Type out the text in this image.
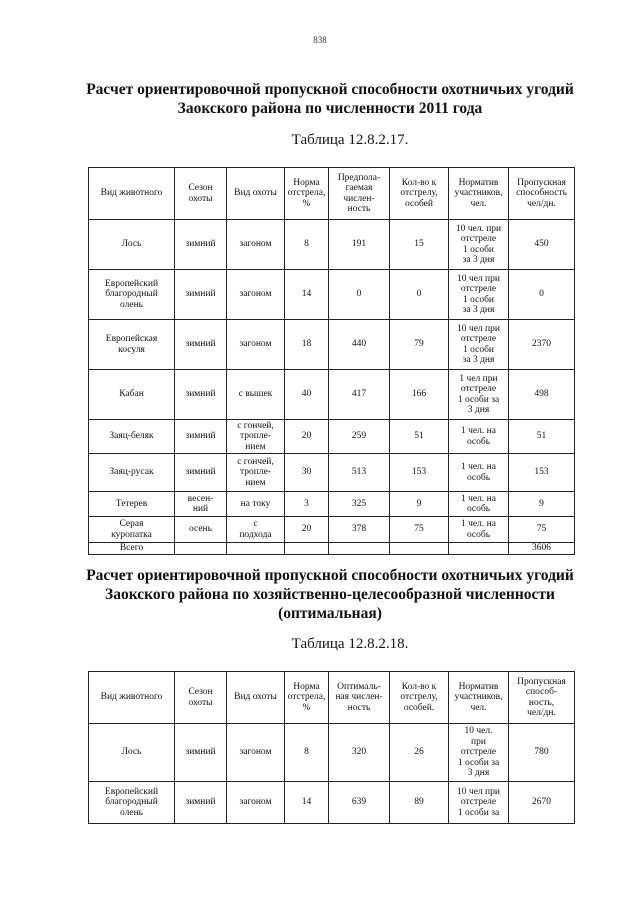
838
Расчет ориентировочной пропускной способности охотничьих угодий
Заокского района по численности 2011 года
Таблица 12.8.2.17.
Вид животного	Сезон
охоты	Вид охоты	Норма
отстрела,
%	Предпола-
гаемая
числен-
ность	Кол-во к
отстрелу,
особей	Норматив
участников,
чел.	Пропускная
способность
чел/дн.
Лось	зимний	загоном	8	191	15	10 чел. при
отстреле
1 особи
за 3 дня	450
Европейский
благородный
олень	зимний	загоном	14	0	0	10 чел при
отстреле
1 особи
за 3 дня	0
Европейская
косуля	зимний	загоном	18	440	79	10 чел при
отстреле
1 особи
за 3 дня	2370
Кабан	зимний	с вышек	40	417	166	1 чел при
отстреле
1 особи за
3 дня	498
Заяц-беляк	зимний	с гончей,
тропле-
нием	20	259	51	1 чел. на
особь	51
Заяц-русак	зимний	с гончей,
тропле-
нием	30	513	153	1 чел. на
особь	153
Тетерев	весен-
ний	на току	3	325	9	1 чел. на
особь	9
Серая
куропатка	осень	с
подхода	20	378	75	1 чел. на
особь	75
Всего							3606
Расчет ориентировочной пропускной способности охотничьих угодий
Заокского района по хозяйственно-целесообразной численности
(оптимальная)
Таблица 12.8.2.18.
Вид животного	Сезон
охоты	Вид охоты	Норма
отстрела,
%	Оптималь-
ная числен-
ность	Кол-во к
отстрелу,
особей.	Норматив
участников,
чел.	Пропускная
способ-
ность,
чел/дн.
Лось	зимний	загоном	8	320	26	10 чел.
при
отстреле
1 особи за
3 дня	780
Европейский
благородный
олень	зимний	загоном	14	639	89	10 чел при
отстреле
1 особи за	2670
